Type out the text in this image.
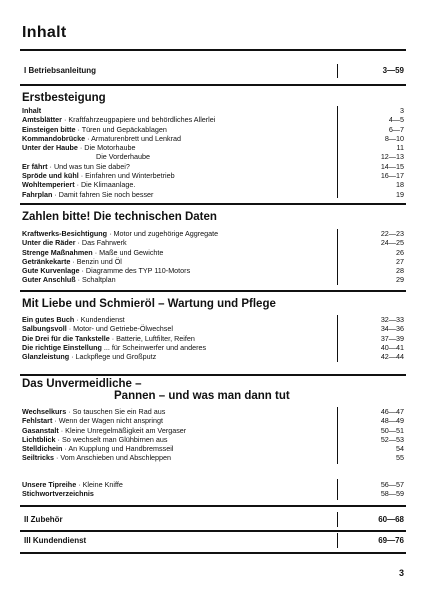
Inhalt
I Betriebsanleitung	3—59
Erstbesteigung
Inhalt	3
Amtsblätter · Kraftfahrzeugpapiere und behördliches Allerlei	4—5
Einsteigen bitte · Türen und Gepäckablagen	6—7
Kommandobrücke · Armaturenbrett und Lenkrad	8—10
Unter der Haube · Die Motorhaube	11
Die Vorderhaube	12—13
Er fährt · Und was tun Sie dabei?	14—15
Spröde und kühl · Einfahren und Winterbetrieb	16—17
Wohltemperiert · Die Klimaanlage.	18
Fahrplan · Damit fahren Sie noch besser	19
Zahlen bitte! Die technischen Daten
Kraftwerks-Besichtigung · Motor und zugehörige Aggregate	22—23
Unter die Räder · Das Fahrwerk	24—25
Strenge Maßnahmen · Maße und Gewichte	26
Getränkekarte · Benzin und Öl	27
Gute Kurvenlage · Diagramme des TYP 110-Motors	28
Guter Anschluß · Schaltplan	29
Mit Liebe und Schmieröl – Wartung und Pflege
Ein gutes Buch · Kundendienst	32—33
Salbungsvoll · Motor- und Getriebe-Ölwechsel	34—36
Die Drei für die Tankstelle · Batterie, Luftfilter, Reifen	37—39
Die richtige Einstellung ... für Scheinwerfer und anderes	40—41
Glanzleistung · Lackpflege und Großputz	42—44
Das Unvermeidliche –
Pannen – und was man dann tut
Wechselkurs · So tauschen Sie ein Rad aus	46—47
Fehlstart · Wenn der Wagen nicht anspringt	48—49
Gasanstalt · Kleine Unregelmäßigkeit am Vergaser	50—51
Lichtblick · So wechselt man Glühbirnen aus	52—53
Stelldichein · An Kupplung und Handbremsseil	54
Seiltricks · Vom Anschieben und Abschleppen	55
Unsere Tipreihe · Kleine Kniffe	56—57
Stichwortverzeichnis	58—59
II Zubehör	60—68
III Kundendienst	69—76
3
